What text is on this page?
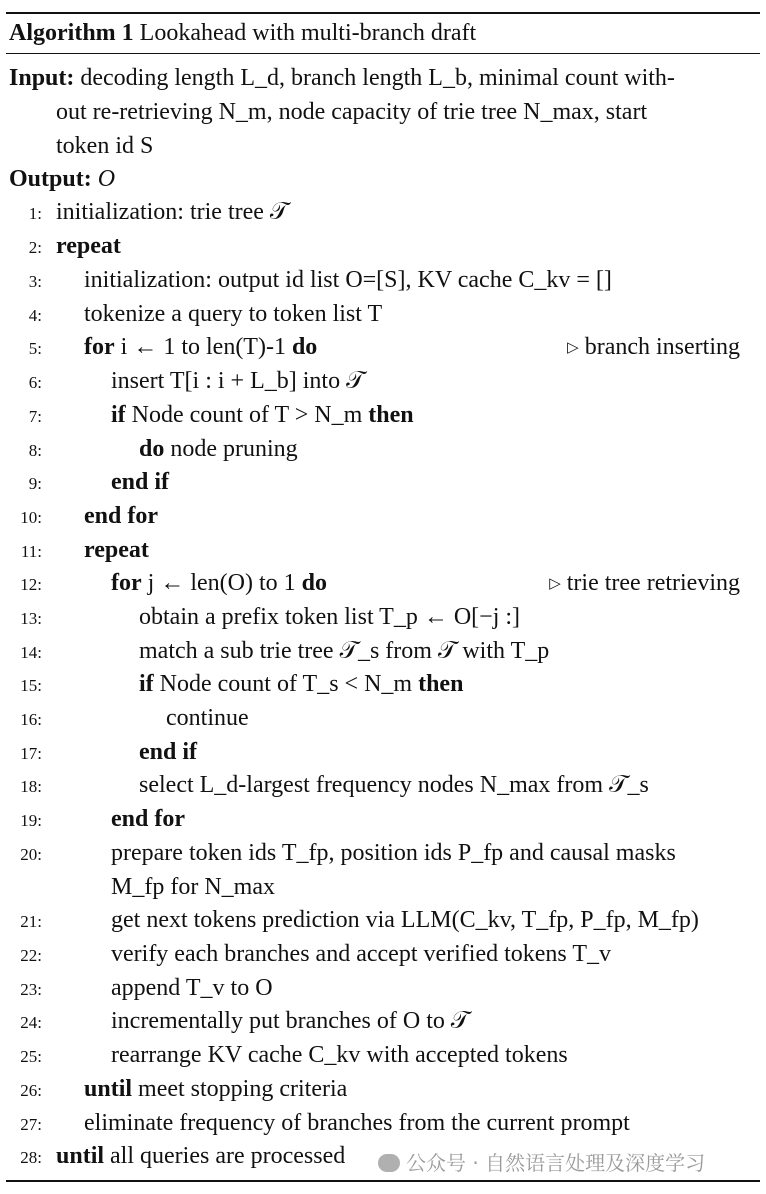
Algorithm 1 Lookahead with multi-branch draft
Input: decoding length L_d, branch length L_b, minimal count with-
out re-retrieving N_m, node capacity of trie tree N_max, start
token id S
Output: O
1: initialization: trie tree 𝒯
2: repeat
3: initialization: output id list O=[S], KV cache C_kv = []
4: tokenize a query to token list T
5: for i ← 1 to len(T)-1 do	▷ branch inserting
6:	insert T[i : i + L_b] into 𝒯
7:	if Node count of T > N_m then
8:	do node pruning
9:	end if
10: end for
11: repeat
12:	for j ← len(O) to 1 do	▷ trie tree retrieving
13:	obtain a prefix token list T_p ← O[−j :]
14:	match a sub trie tree 𝒯_s from 𝒯 with T_p
15:	if Node count of T_s < N_m then
16:	continue
17:	end if
18:	select L_d-largest frequency nodes N_max from 𝒯_s
19:	end for
20:	prepare token ids T_fp, position ids P_fp and causal masks
M_fp for N_max
21:	get next tokens prediction via LLM(C_kv, T_fp, P_fp, M_fp)
22:	verify each branches and accept verified tokens T_v
23:	append T_v to O
24:	incrementally put branches of O to 𝒯
25:	rearrange KV cache C_kv with accepted tokens
26: until meet stopping criteria
27: eliminate frequency of branches from the current prompt
28: until all queries are processed	公众号 · 自然语言处理及深度学习
